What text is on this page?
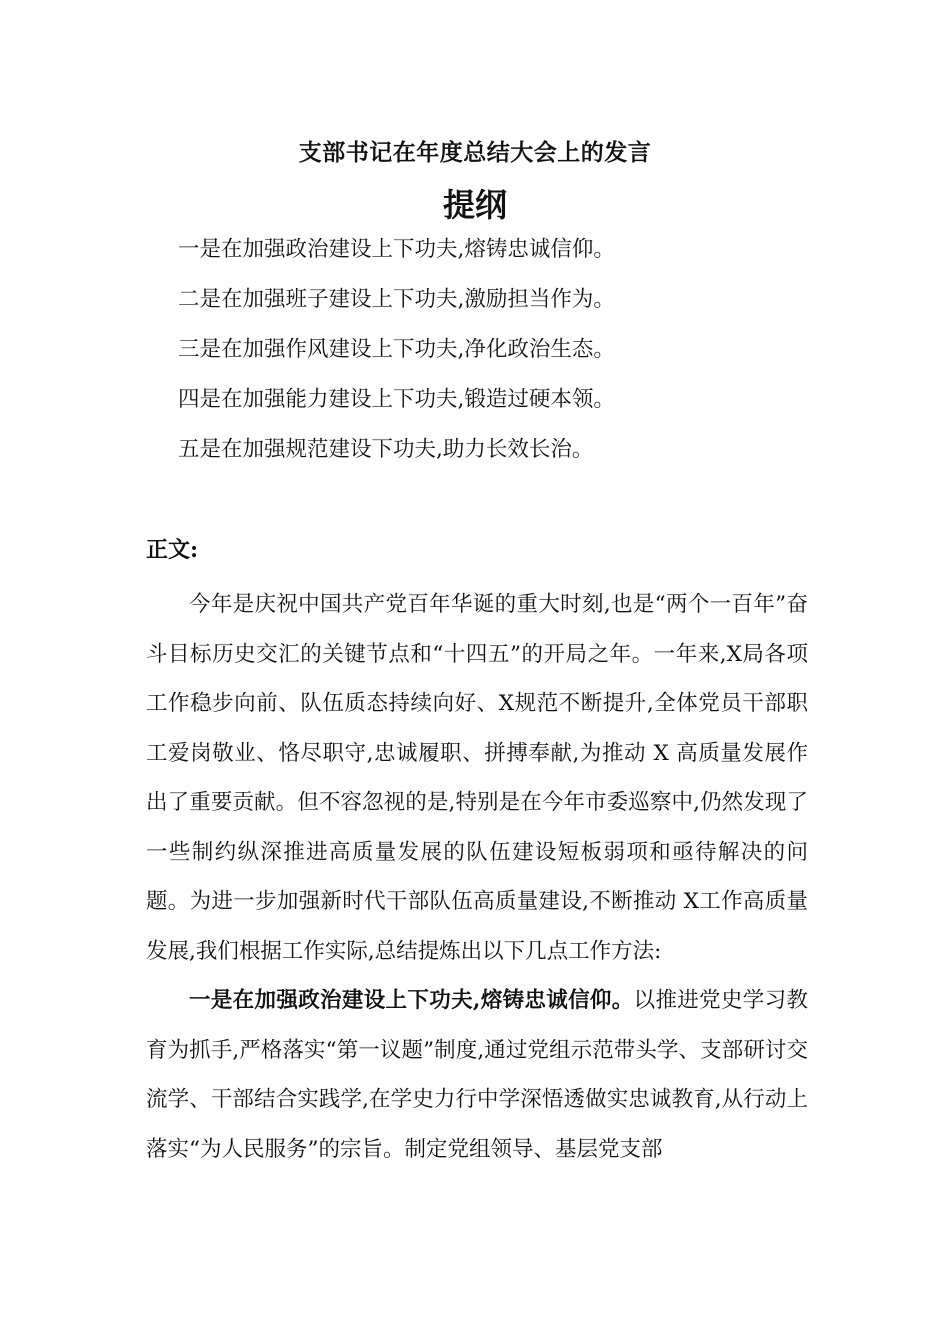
支部书记在年度总结大会上的发言
提纲
一是在加强政治建设上下功夫,熔铸忠诚信仰。
二是在加强班子建设上下功夫,激励担当作为。
三是在加强作风建设上下功夫,净化政治生态。
四是在加强能力建设上下功夫,锻造过硬本领。
五是在加强规范建设下功夫,助力长效长治。
正文:

今年是庆祝中国共产党百年华诞的重大时刻,也是“两个一百年”奋斗目标历史交汇的关键节点和“十四五”的开局之年。一年来,X局各项工作稳步向前、队伍质态持续向好、X规范不断提升,全体党员干部职工爱岗敬业、恪尽职守,忠诚履职、拼搏奉献,为推动 X 高质量发展作出了重要贡献。但不容忽视的是,特别是在今年市委巡察中,仍然发现了一些制约纵深推进高质量发展的队伍建设短板弱项和亟待解决的问题。为进一步加强新时代干部队伍高质量建设,不断推动 X工作高质量发展,我们根据工作实际,总结提炼出以下几点工作方法:

一是在加强政治建设上下功夫,熔铸忠诚信仰。以推进党史学习教育为抓手,严格落实“第一议题”制度,通过党组示范带头学、支部研讨交流学、干部结合实践学,在学史力行中学深悟透做实忠诚教育,从行动上落实“为人民服务”的宗旨。制定党组领导、基层党支部
